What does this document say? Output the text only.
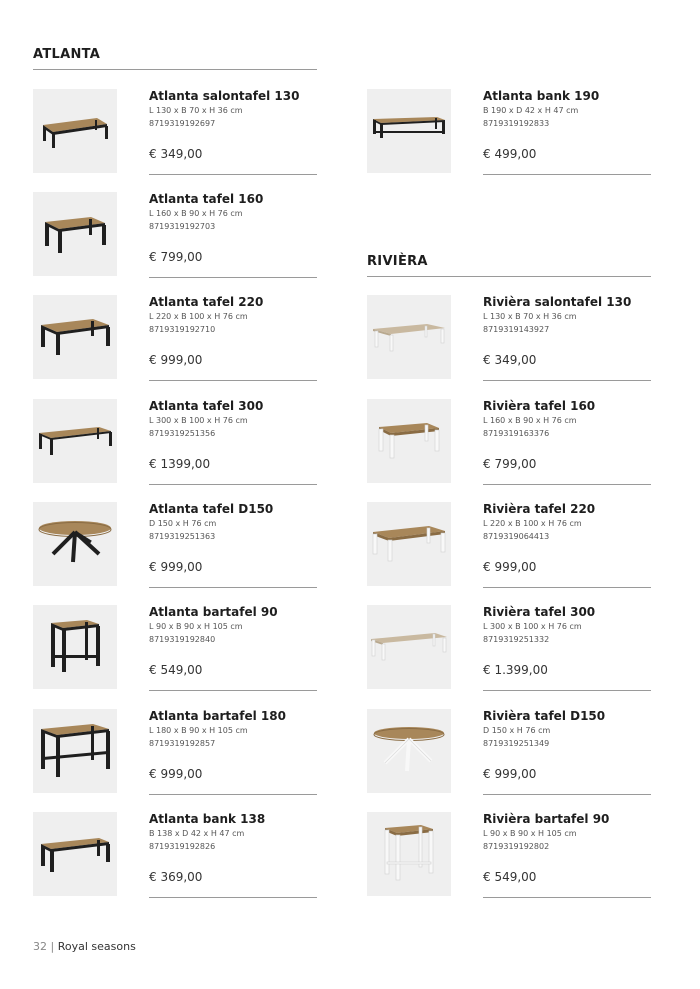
ATLANTA
RIVIÈRA
Atlanta salontafel 130
L 130 x B 70 x H 36 cm
8719319192697
€ 349,00
Atlanta tafel 160
L 160 x B 90 x H 76 cm
8719319192703
€ 799,00
Atlanta tafel 220
L 220 x B 100 x H 76 cm
8719319192710
€ 999,00
Atlanta tafel 300
L 300 x B 100 x H 76 cm
8719319251356
€ 1399,00
Atlanta tafel D150
D 150 x H 76 cm
8719319251363
€ 999,00
Atlanta bartafel 90
L 90 x B 90 x H 105 cm
8719319192840
€ 549,00
Atlanta bartafel 180
L 180 x B 90 x H 105 cm
8719319192857
€ 999,00
Atlanta bank 138
B 138 x D 42 x H 47 cm
8719319192826
€ 369,00
Atlanta bank 190
B 190 x D 42 x H 47 cm
8719319192833
€ 499,00
Rivièra salontafel 130
L 130 x B 70 x H 36 cm
8719319143927
€ 349,00
Rivièra tafel 160
L 160 x B 90 x H 76 cm
8719319163376
€ 799,00
Rivièra tafel 220
L 220 x B 100 x H 76 cm
8719319064413
€ 999,00
Rivièra tafel 300
L 300 x B 100 x H 76 cm
8719319251332
€ 1.399,00
Rivièra tafel D150
D 150 x H 76 cm
8719319251349
€ 999,00
Rivièra bartafel 90
L 90 x B 90 x H 105 cm
8719319192802
€ 549,00
32 | Royal seasons
